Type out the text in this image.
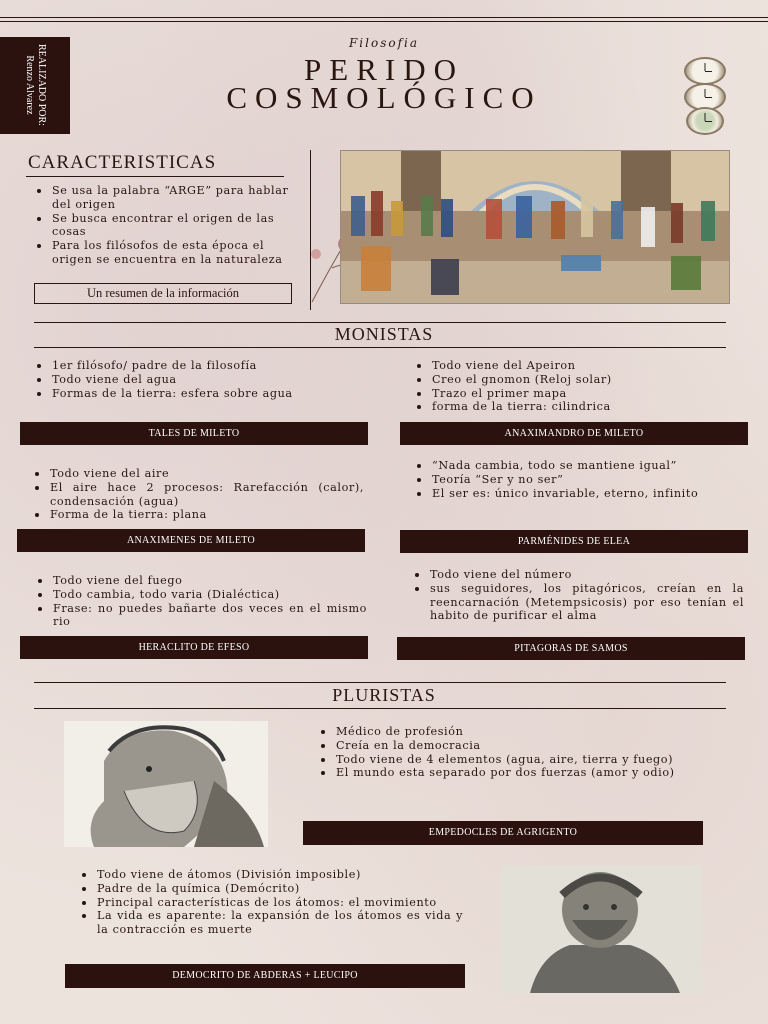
REALIZADO POR:
Renzo Alvarez
Filosofia
PERIDO
COSMOLÓGICO
CARACTERISTICAS
Se usa la palabra “ARGE” para hablar del origen
Se busca encontrar el origen de las cosas
Para los filósofos de esta época el origen se encuentra en la naturaleza
Un resumen de la información
MONISTAS
1er filósofo/ padre de la filosofía
Todo viene del agua
Formas de la tierra: esfera sobre agua
TALES DE MILETO
Todo viene del Apeiron
Creo el gnomon (Reloj solar)
Trazo el primer mapa
forma de la tierra: cilindrica
ANAXIMANDRO DE MILETO
Todo viene del aire
El aire hace 2 procesos: Rarefacción (calor), condensación (agua)
Forma de la tierra: plana
ANAXIMENES DE MILETO
“Nada cambia, todo se mantiene igual”
Teoría “Ser y no ser”
El ser es: único invariable, eterno, infinito
PARMÉNIDES DE ELEA
Todo viene del fuego
Todo cambia, todo varia (Dialéctica)
Frase: no puedes bañarte dos veces en el mismo rio
HERACLITO DE EFESO
Todo viene del número
sus seguidores, los pitagóricos, creían en la reencarnación (Metempsicosis) por eso tenían el habito de purificar el alma
PITAGORAS DE SAMOS
PLURISTAS
Médico de profesión
Creía en la democracia
Todo viene de 4 elementos (agua, aire, tierra y fuego)
El mundo esta separado por dos fuerzas (amor y odio)
EMPEDOCLES DE AGRIGENTO
Todo viene de átomos (División imposible)
Padre de la química (Demócrito)
Principal características de los átomos: el movimiento
La vida es aparente: la expansión de los átomos es vida y la contracción es muerte
DEMOCRITO DE ABDERAS + LEUCIPO
